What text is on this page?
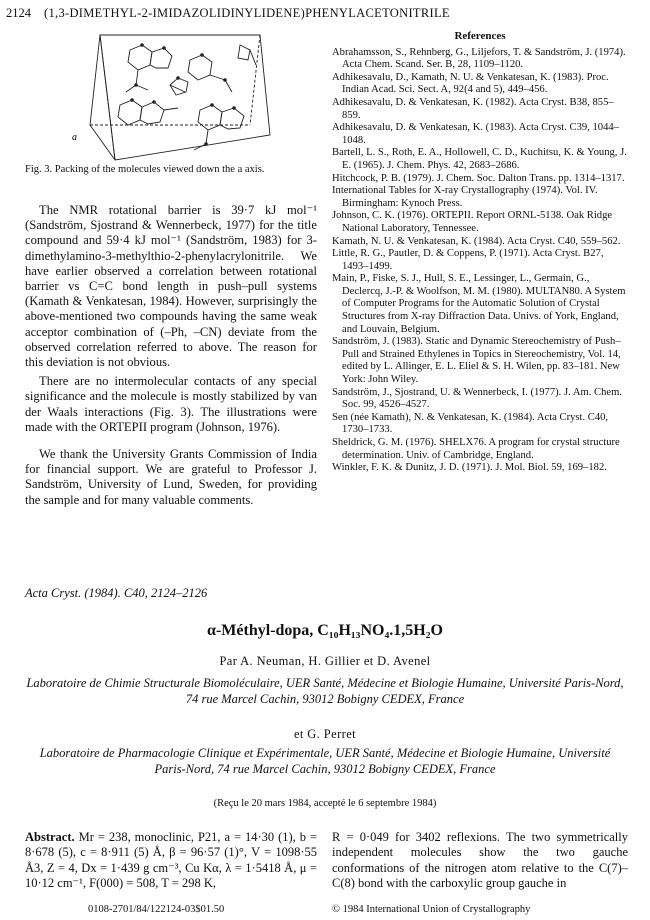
2124 (1,3-DIMETHYL-2-IMIDAZOLIDINYLIDENE)PHENYLACETONITRILE
a
Fig. 3. Packing of the molecules viewed down the a axis.

The NMR rotational barrier is 39·7 kJ mol⁻¹ (Sandström, Sjostrand & Wennerbeck, 1977) for the title compound and 59·4 kJ mol⁻¹ (Sandström, 1983) for 3-dimethylamino-3-methylthio-2-phenylacrylonitrile. We have earlier observed a correlation between rotational barrier vs C=C bond length in push–pull systems (Kamath & Venkatesan, 1984). However, surprisingly the above-mentioned two compounds having the same weak acceptor combination of (–Ph, –CN) deviate from the observed correlation referred to above. The reason for this deviation is not obvious.

There are no intermolecular contacts of any special significance and the molecule is mostly stabilized by van der Waals interactions (Fig. 3). The illustrations were made with the ORTEPII program (Johnson, 1976).

We thank the University Grants Commission of India for financial support. We are grateful to Professor J. Sandström, University of Lund, Sweden, for providing the sample and for many valuable comments.

References

Abrahamsson, S., Rehnberg, G., Liljefors, T. & Sandström, J. (1974). Acta Chem. Scand. Ser. B, 28, 1109–1120.

Adhikesavalu, D., Kamath, N. U. & Venkatesan, K. (1983). Proc. Indian Acad. Sci. Sect. A, 92(4 and 5), 449–456.

Adhikesavalu, D. & Venkatesan, K. (1982). Acta Cryst. B38, 855–859.

Adhikesavalu, D. & Venkatesan, K. (1983). Acta Cryst. C39, 1044–1048.

Bartell, L. S., Roth, E. A., Hollowell, C. D., Kuchitsu, K. & Young, J. E. (1965). J. Chem. Phys. 42, 2683–2686.

Hitchcock, P. B. (1979). J. Chem. Soc. Dalton Trans. pp. 1314–1317.

International Tables for X-ray Crystallography (1974). Vol. IV. Birmingham: Kynoch Press.

Johnson, C. K. (1976). ORTEPII. Report ORNL-5138. Oak Ridge National Laboratory, Tennessee.

Kamath, N. U. & Venkatesan, K. (1984). Acta Cryst. C40, 559–562.

Little, R. G., Pautler, D. & Coppens, P. (1971). Acta Cryst. B27, 1493–1499.

Main, P., Fiske, S. J., Hull, S. E., Lessinger, L., Germain, G., Declercq, J.-P. & Woolfson, M. M. (1980). MULTAN80. A System of Computer Programs for the Automatic Solution of Crystal Structures from X-ray Diffraction Data. Univs. of York, England, and Louvain, Belgium.

Sandström, J. (1983). Static and Dynamic Stereochemistry of Push–Pull and Strained Ethylenes in Topics in Stereochemistry, Vol. 14, edited by L. Allinger, E. L. Eliel & S. H. Wilen, pp. 83–181. New York: John Wiley.

Sandström, J., Sjostrand, U. & Wennerbeck, I. (1977). J. Am. Chem. Soc. 99, 4526–4527.

Sen (née Kamath), N. & Venkatesan, K. (1984). Acta Cryst. C40, 1730–1733.

Sheldrick, G. M. (1976). SHELX76. A program for crystal structure determination. Univ. of Cambridge, England.

Winkler, F. K. & Dunitz, J. D. (1971). J. Mol. Biol. 59, 169–182.

Acta Cryst. (1984). C40, 2124–2126
α-Méthyl-dopa, C₁₀H₁₃NO₄.1,5H₂O
Par A. Neuman, H. Gillier et D. Avenel
Laboratoire de Chimie Structurale Biomoléculaire, UER Santé, Médecine et Biologie Humaine, Université Paris-Nord, 74 rue Marcel Cachin, 93012 Bobigny CEDEX, France
et G. Perret
Laboratoire de Pharmacologie Clinique et Expérimentale, UER Santé, Médecine et Biologie Humaine, Université Paris-Nord, 74 rue Marcel Cachin, 93012 Bobigny CEDEX, France
(Reçu le 20 mars 1984, accepté le 6 septembre 1984)
Abstract. Mr = 238, monoclinic, P21, a = 14·30 (1), b = 8·678 (5), c = 8·911 (5) Å, β = 96·57 (1)°, V = 1098·55 Å3, Z = 4, Dx = 1·439 g cm⁻³, Cu Kα, λ = 1·5418 Å, μ = 10·12 cm⁻¹, F(000) = 508, T = 298 K,
R = 0·049 for 3402 reflexions. The two symmetrically independent molecules show the two gauche conformations of the nitrogen atom relative to the C(7)–C(8) bond with the carboxylic group gauche in
0108-2701/84/122124-03$01.50	© 1984 International Union of Crystallography
